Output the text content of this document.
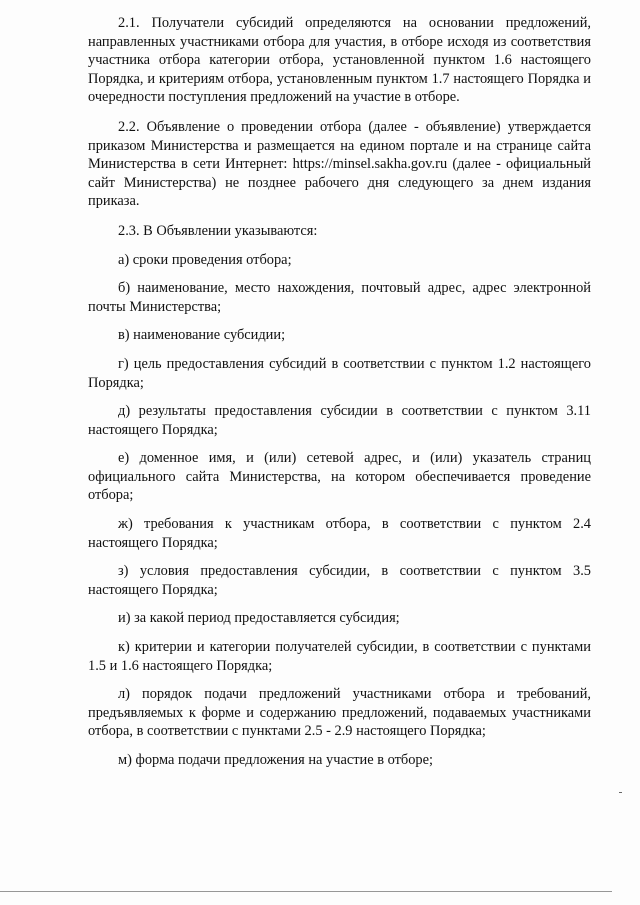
2.1. Получатели субсидий определяются на основании предложений, направленных участниками отбора для участия, в отборе исходя из соответствия участника отбора категории отбора, установленной пунктом 1.6 настоящего Порядка, и критериям отбора, установленным пунктом 1.7 настоящего Порядка и очередности поступления предложений на участие в отборе.

2.2. Объявление о проведении отбора (далее - объявление) утверждается приказом Министерства и размещается на едином портале и на странице сайта Министерства в сети Интернет: https://minsel.sakha.gov.ru (далее - официальный сайт Министерства) не позднее рабочего дня следующего за днем издания приказа.

2.3. В Объявлении указываются:

а) сроки проведения отбора;

б) наименование, место нахождения, почтовый адрес, адрес электронной почты Министерства;

в) наименование субсидии;

г) цель предоставления субсидий в соответствии с пунктом 1.2 настоящего Порядка;

д) результаты предоставления субсидии в соответствии с пунктом 3.11 настоящего Порядка;

е) доменное имя, и (или) сетевой адрес, и (или) указатель страниц официального сайта Министерства, на котором обеспечивается проведение отбора;

ж) требования к участникам отбора, в соответствии с пунктом 2.4 настоящего Порядка;

з) условия предоставления субсидии, в соответствии с пунктом 3.5 настоящего Порядка;

и) за какой период предоставляется субсидия;

к) критерии и категории получателей субсидии, в соответствии с пунктами 1.5 и 1.6 настоящего Порядка;

л) порядок подачи предложений участниками отбора и требований, предъявляемых к форме и содержанию предложений, подаваемых участниками отбора, в соответствии с пунктами 2.5 - 2.9 настоящего Порядка;

м) форма подачи предложения на участие в отборе;
